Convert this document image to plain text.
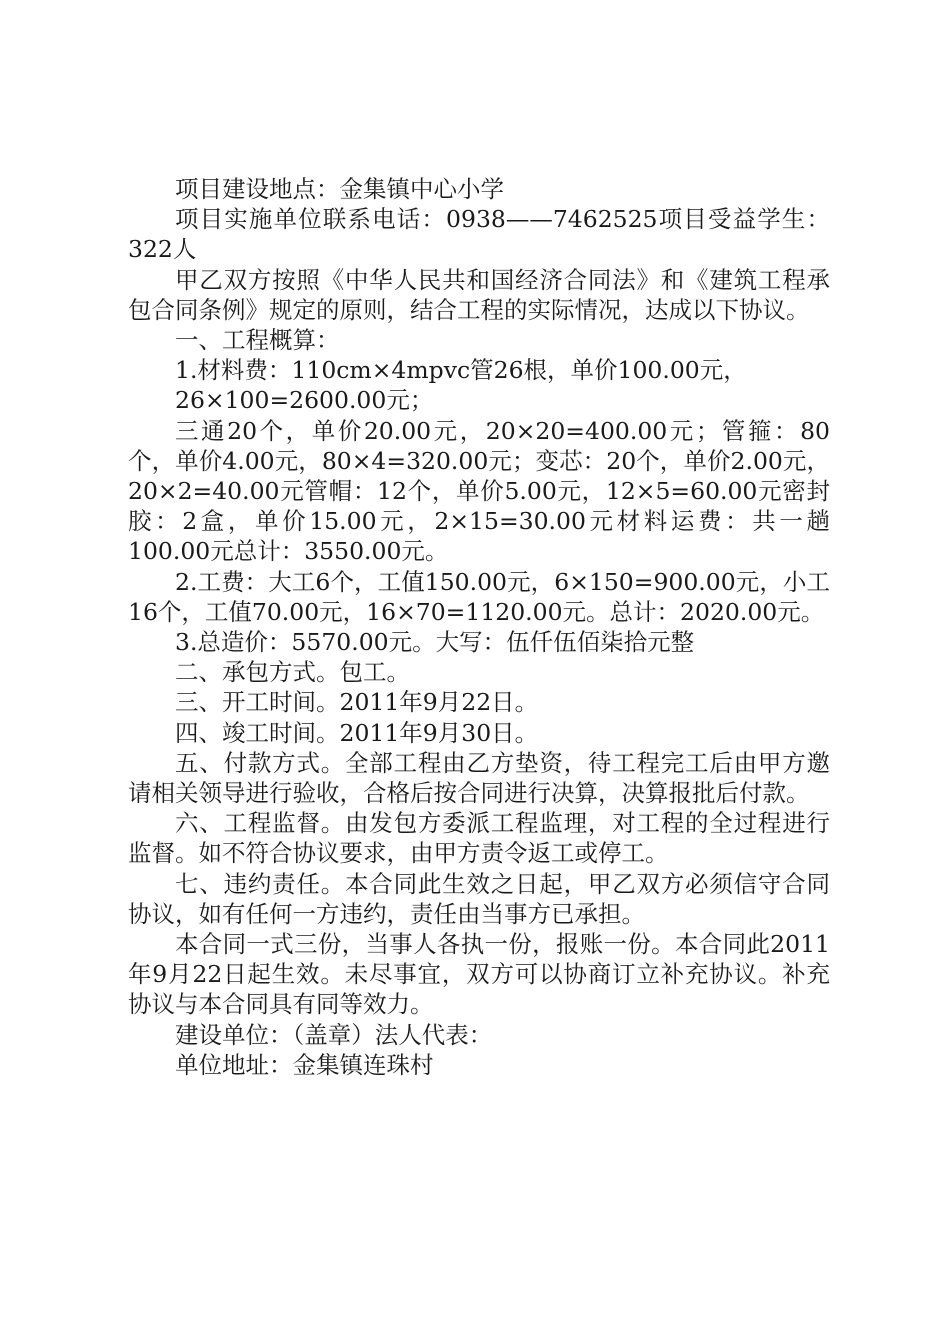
项目建设地点：金集镇中心小学

项目实施单位联系电话：0938——7462525项目受益学生：322人

甲乙双方按照《中华人民共和国经济合同法》和《建筑工程承包合同条例》规定的原则，结合工程的实际情况，达成以下协议。

一、工程概算：

1.材料费：110cm×4mpvc管26根，单价100.00元，

26×100=2600.00元；

三通20个，单价20.00元，20×20=400.00元；管箍：80个，单价4.00元，80×4=320.00元；变芯：20个，单价2.00元，20×2=40.00元管帽：12个，单价5.00元，12×5=60.00元密封胶：2盒，单价15.00元，2×15=30.00元材料运费：共一趟100.00元总计：3550.00元。

2.工费：大工6个，工值150.00元，6×150=900.00元，小工16个，工值70.00元，16×70=1120.00元。总计：2020.00元。

3.总造价：5570.00元。大写：伍仟伍佰柒拾元整

二、承包方式。包工。

三、开工时间。2011年9月22日。

四、竣工时间。2011年9月30日。

五、付款方式。全部工程由乙方垫资，待工程完工后由甲方邀请相关领导进行验收，合格后按合同进行决算，决算报批后付款。

六、工程监督。由发包方委派工程监理，对工程的全过程进行监督。如不符合协议要求，由甲方责令返工或停工。

七、违约责任。本合同此生效之日起，甲乙双方必须信守合同协议，如有任何一方违约，责任由当事方已承担。

本合同一式三份，当事人各执一份，报账一份。本合同此2011年9月22日起生效。未尽事宜，双方可以协商订立补充协议。补充协议与本合同具有同等效力。

建设单位：（盖章）法人代表：

单位地址：金集镇连珠村
